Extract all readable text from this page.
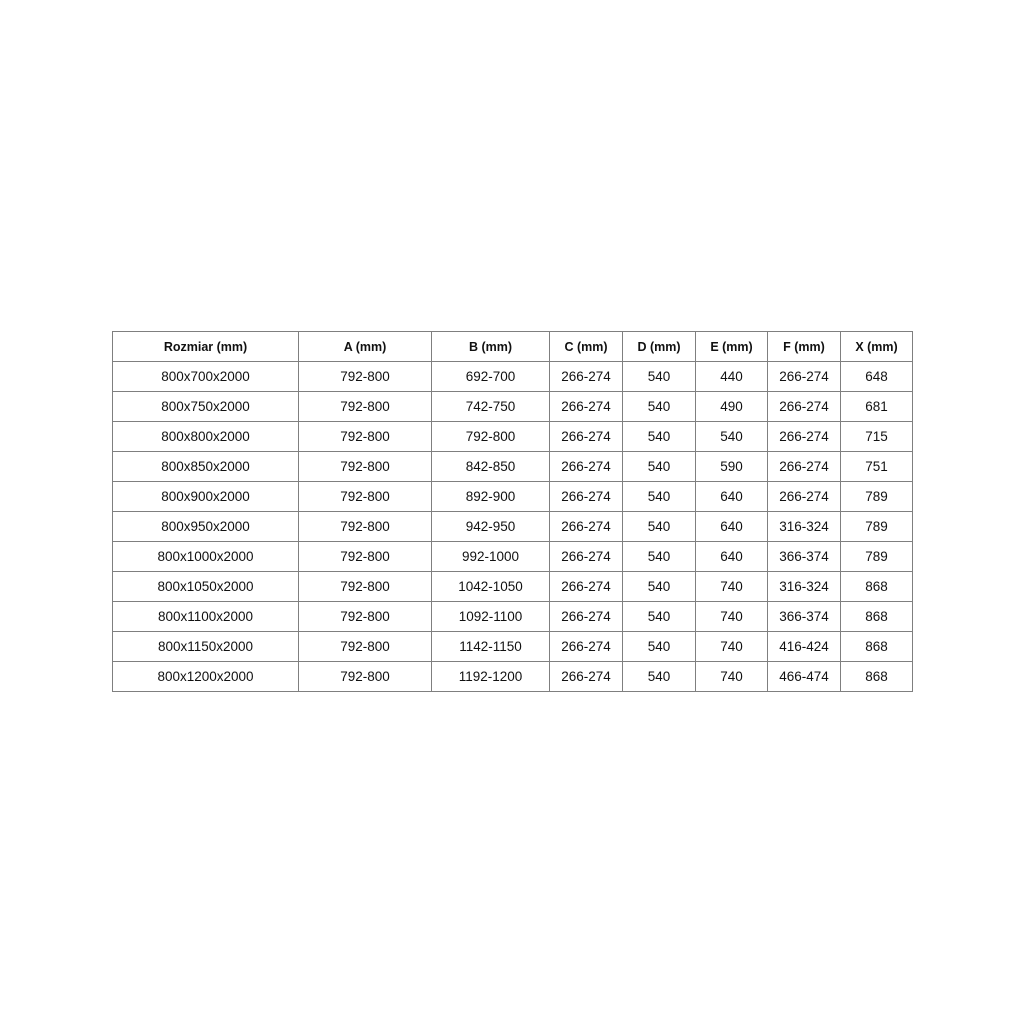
Rozmiar (mm)	A (mm)	B (mm)	C (mm)	D (mm)	E (mm)	F (mm)	X (mm)
800x700x2000	792-800	692-700	266-274	540	440	266-274	648
800x750x2000	792-800	742-750	266-274	540	490	266-274	681
800x800x2000	792-800	792-800	266-274	540	540	266-274	715
800x850x2000	792-800	842-850	266-274	540	590	266-274	751
800x900x2000	792-800	892-900	266-274	540	640	266-274	789
800x950x2000	792-800	942-950	266-274	540	640	316-324	789
800x1000x2000	792-800	992-1000	266-274	540	640	366-374	789
800x1050x2000	792-800	1042-1050	266-274	540	740	316-324	868
800x1100x2000	792-800	1092-1100	266-274	540	740	366-374	868
800x1150x2000	792-800	1142-1150	266-274	540	740	416-424	868
800x1200x2000	792-800	1192-1200	266-274	540	740	466-474	868
